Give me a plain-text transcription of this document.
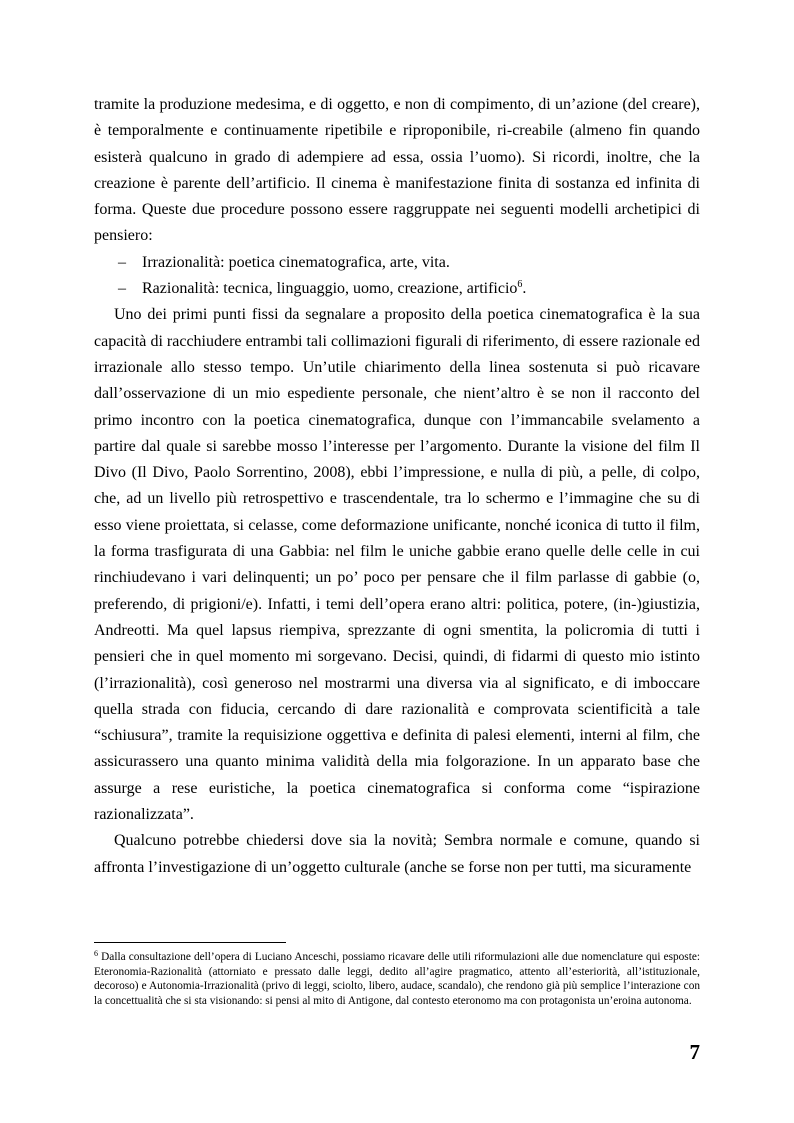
tramite la produzione medesima, e di oggetto, e non di compimento, di un’azione (del creare), è temporalmente e continuamente ripetibile e riproponibile, ri-creabile (almeno fin quando esisterà qualcuno in grado di adempiere ad essa, ossia l’uomo). Si ricordi, inoltre, che la creazione è parente dell’artificio. Il cinema è manifestazione finita di sostanza ed infinita di forma. Queste due procedure possono essere raggruppate nei seguenti modelli archetipici di pensiero:

– Irrazionalità: poetica cinematografica, arte, vita.
– Razionalità: tecnica, linguaggio, uomo, creazione, artificio$^6$.

Uno dei primi punti fissi da segnalare a proposito della poetica cinematografica è la sua capacità di racchiudere entrambi tali collimazioni figurali di riferimento, di essere razionale ed irrazionale allo stesso tempo. Un’utile chiarimento della linea sostenuta si può ricavare dall’osservazione di un mio espediente personale, che nient’altro è se non il racconto del primo incontro con la poetica cinematografica, dunque con l’immancabile svelamento a partire dal quale si sarebbe mosso l’interesse per l’argomento. Durante la visione del film Il Divo (Il Divo, Paolo Sorrentino, 2008), ebbi l’impressione, e nulla di più, a pelle, di colpo, che, ad un livello più retrospettivo e trascendentale, tra lo schermo e l’immagine che su di esso viene proiettata, si celasse, come deformazione unificante, nonché iconica di tutto il film, la forma trasfigurata di una Gabbia: nel film le uniche gabbie erano quelle delle celle in cui rinchiudevano i vari delinquenti; un po’ poco per pensare che il film parlasse di gabbie (o, preferendo, di prigioni/e). Infatti, i temi dell’opera erano altri: politica, potere, (in-)giustizia, Andreotti. Ma quel lapsus riempiva, sprezzante di ogni smentita, la policromia di tutti i pensieri che in quel momento mi sorgevano. Decisi, quindi, di fidarmi di questo mio istinto (l’irrazionalità), così generoso nel mostrarmi una diversa via al significato, e di imboccare quella strada con fiducia, cercando di dare razionalità e comprovata scientificità a tale “schiusura”, tramite la requisizione oggettiva e definita di palesi elementi, interni al film, che assicurassero una quanto minima validità della mia folgorazione. In un apparato base che assurge a rese euristiche, la poetica cinematografica si conforma come “ispirazione razionalizzata”.

Qualcuno potrebbe chiedersi dove sia la novità; Sembra normale e comune, quando si affronta l’investigazione di un’oggetto culturale (anche se forse non per tutti, ma sicuramente

$^6$ Dalla consultazione dell’opera di Luciano Anceschi, possiamo ricavare delle utili riformulazioni alle due nomenclature qui esposte: Eteronomia-Razionalità (attorniato e pressato dalle leggi, dedito all’agire pragmatico, attento all’esteriorità, all’istituzionale, decoroso) e Autonomia-Irrazionalità (privo di leggi, sciolto, libero, audace, scandalo), che rendono già più semplice l’interazione con la concettualità che si sta visionando: si pensi al mito di Antigone, dal contesto eteronomo ma con protagonista un’eroina autonoma.
7
